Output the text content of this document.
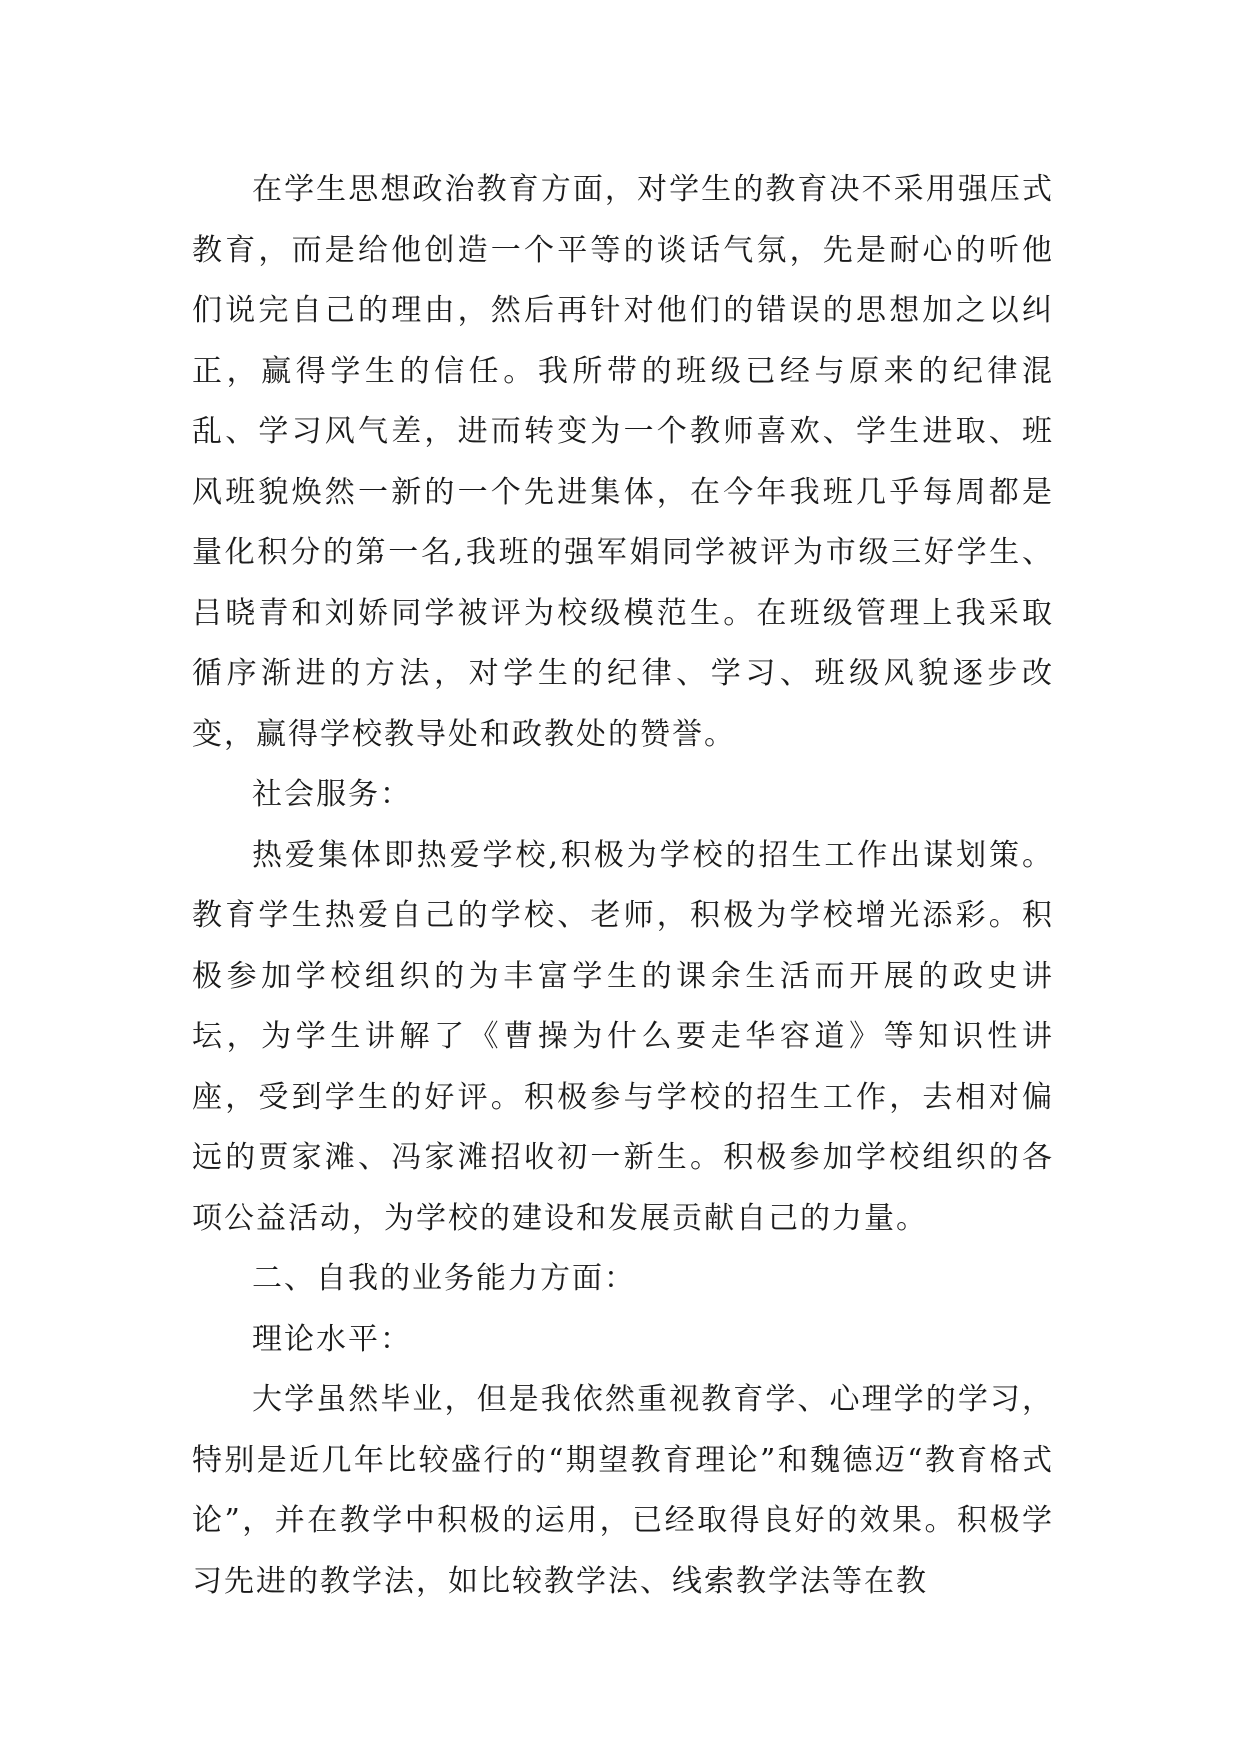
在学生思想政治教育方面，对学生的教育决不采用强压式教育，而是给他创造一个平等的谈话气氛，先是耐心的听他们说完自己的理由，然后再针对他们的错误的思想加之以纠正，赢得学生的信任。我所带的班级已经与原来的纪律混乱、学习风气差，进而转变为一个教师喜欢、学生进取、班风班貌焕然一新的一个先进集体，在今年我班几乎每周都是量化积分的第一名,我班的强军娟同学被评为市级三好学生、吕晓青和刘娇同学被评为校级模范生。在班级管理上我采取循序渐进的方法，对学生的纪律、学习、班级风貌逐步改变，赢得学校教导处和政教处的赞誉。

社会服务：

热爱集体即热爱学校,积极为学校的招生工作出谋划策。教育学生热爱自己的学校、老师，积极为学校增光添彩。积极参加学校组织的为丰富学生的课余生活而开展的政史讲坛，为学生讲解了《曹操为什么要走华容道》等知识性讲座，受到学生的好评。积极参与学校的招生工作，去相对偏远的贾家滩、冯家滩招收初一新生。积极参加学校组织的各项公益活动，为学校的建设和发展贡献自己的力量。

二、自我的业务能力方面：

理论水平：

大学虽然毕业，但是我依然重视教育学、心理学的学习，特别是近几年比较盛行的“期望教育理论”和魏德迈“教育格式论”，并在教学中积极的运用，已经取得良好的效果。积极学习先进的教学法，如比较教学法、线索教学法等在教
